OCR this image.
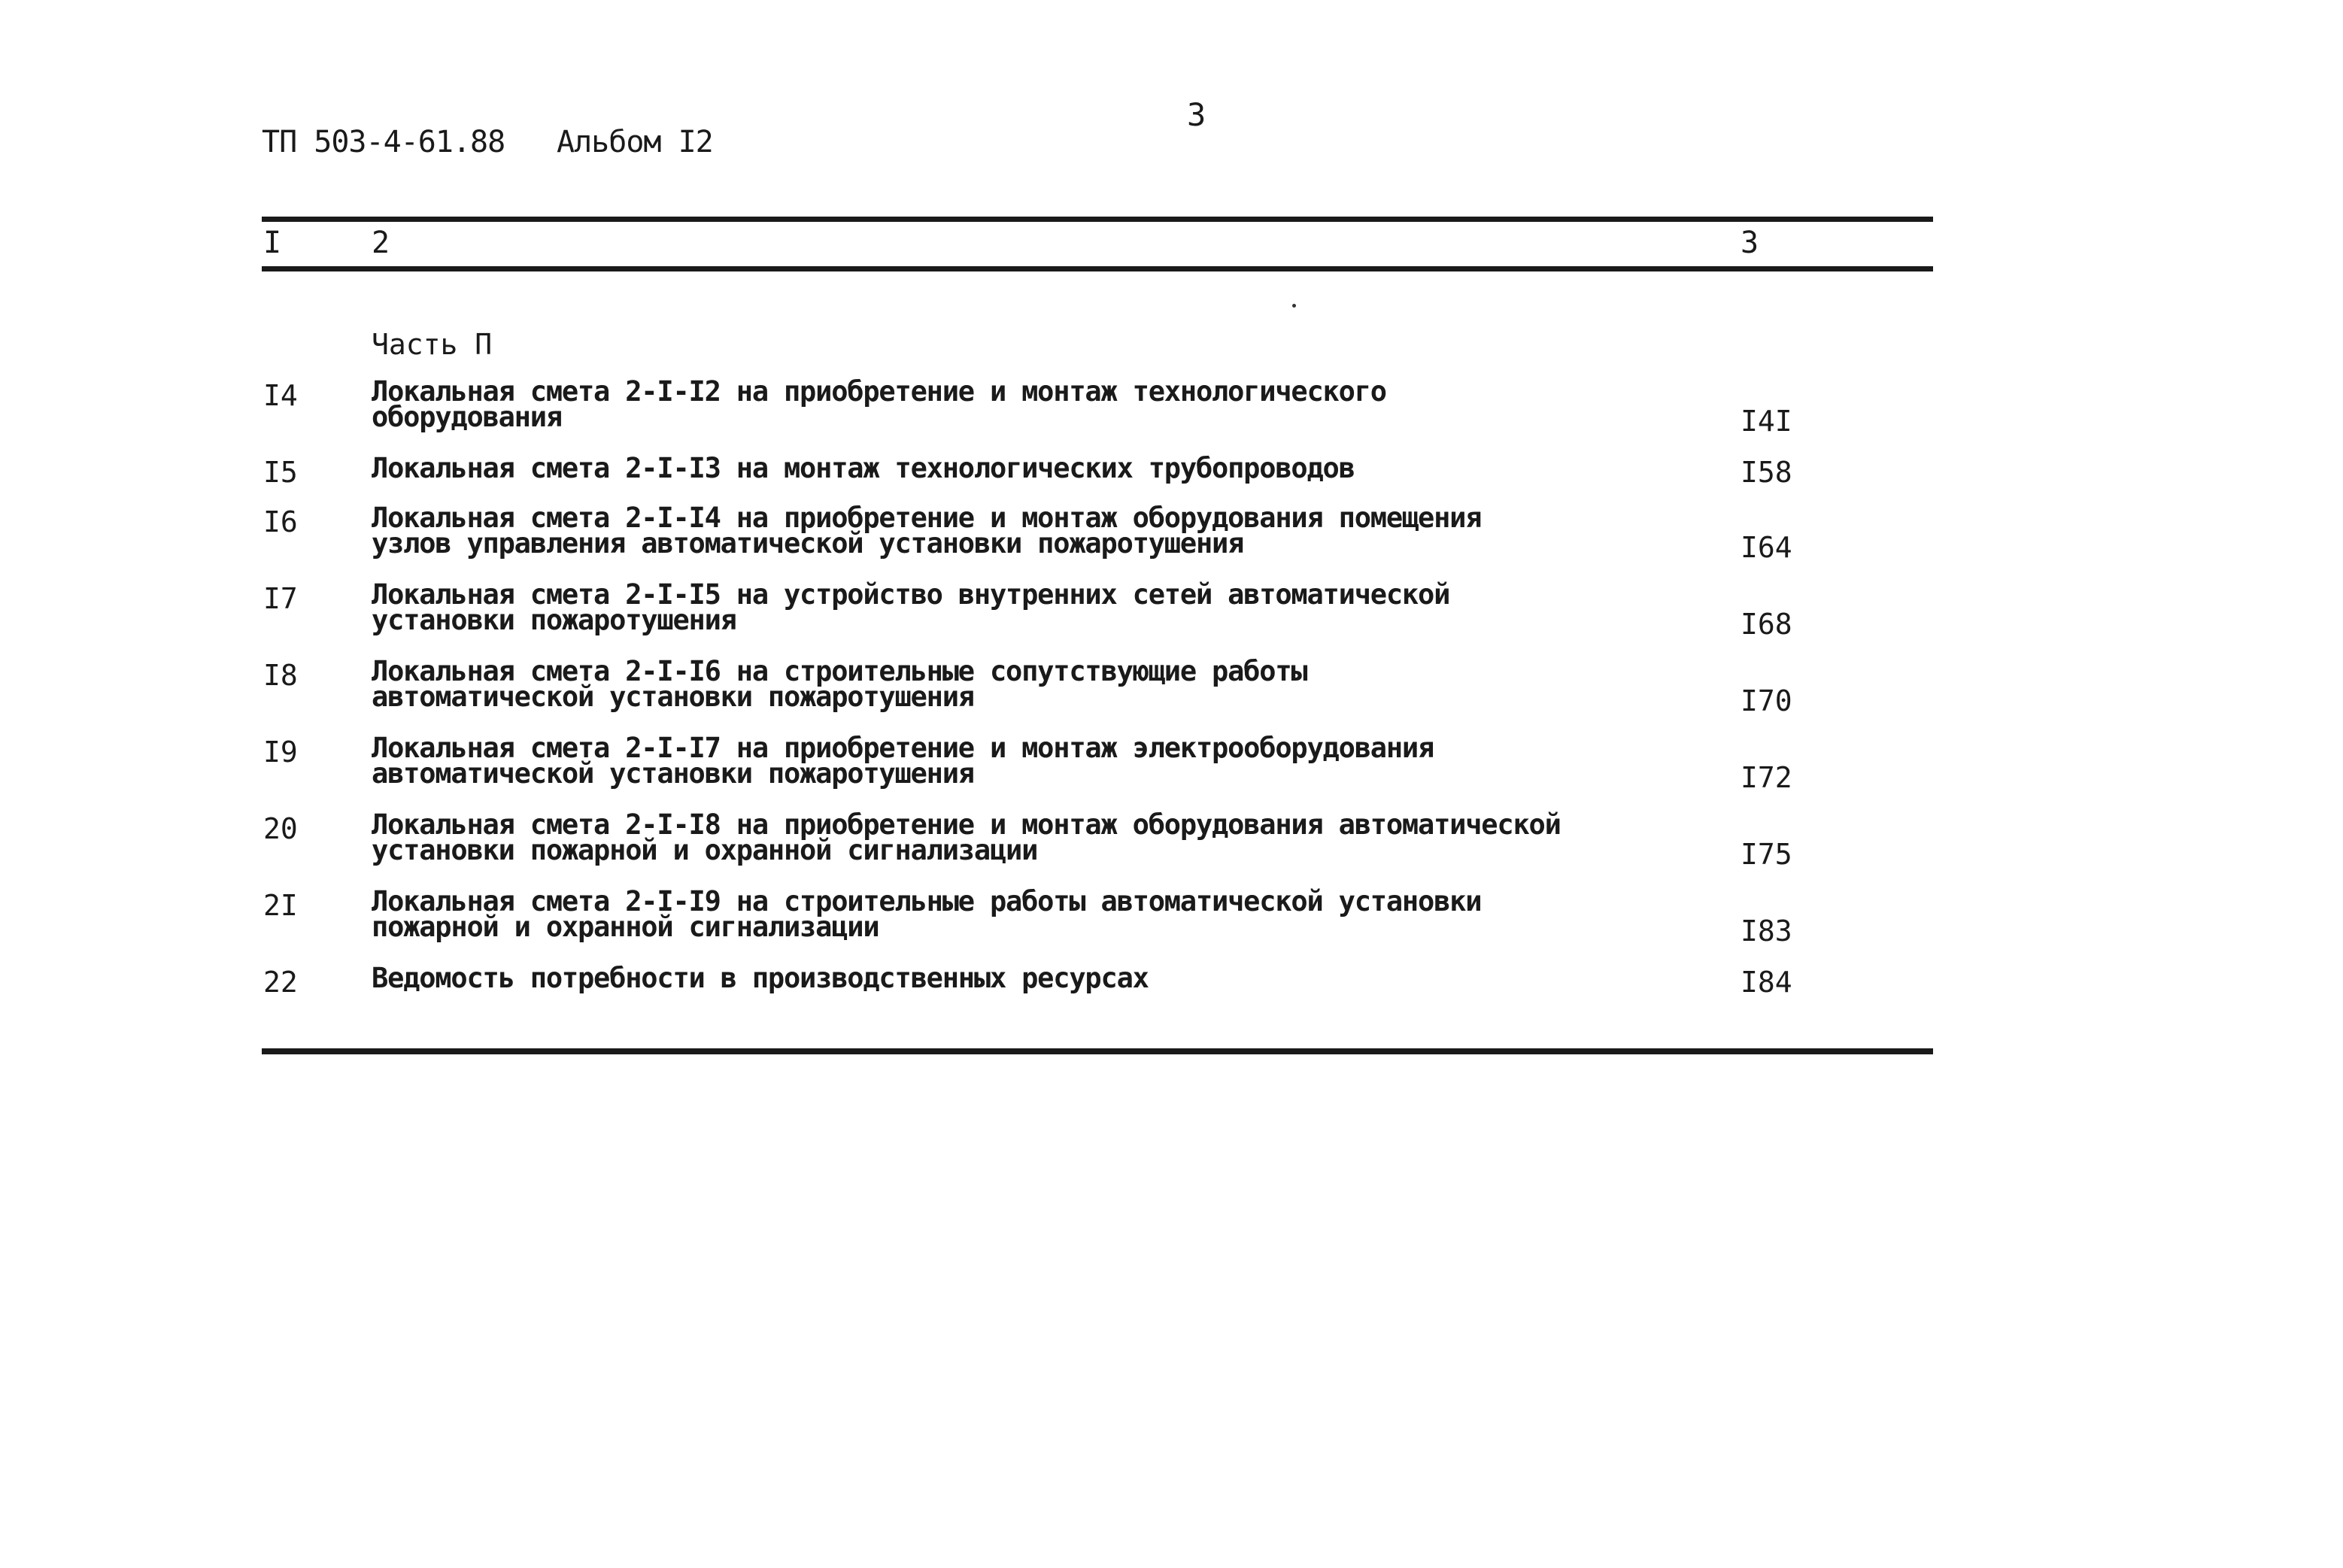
3
ТП 503-4-61.88 Альбом I2
I	2	3
Часть П
I4	Локальная смета 2-I-I2 на приобретение и монтаж технологического
оборудования	I4I
I5	Локальная смета 2-I-I3 на монтаж технологических трубопроводов	I58
I6	Локальная смета 2-I-I4 на приобретение и монтаж оборудования помещения
узлов управления автоматической установки пожаротушения	I64
I7	Локальная смета 2-I-I5 на устройство внутренних сетей автоматической
установки пожаротушения	I68
I8	Локальная смета 2-I-I6 на строительные сопутствующие работы
автоматической установки пожаротушения	I70
I9	Локальная смета 2-I-I7 на приобретение и монтаж электрооборудования
автоматической установки пожаротушения	I72
20	Локальная смета 2-I-I8 на приобретение и монтаж оборудования автоматической
установки пожарной и охранной сигнализации	I75
2I	Локальная смета 2-I-I9 на строительные работы автоматической установки
пожарной и охранной сигнализации	I83
22	Ведомость потребности в производственных ресурсах	I84
